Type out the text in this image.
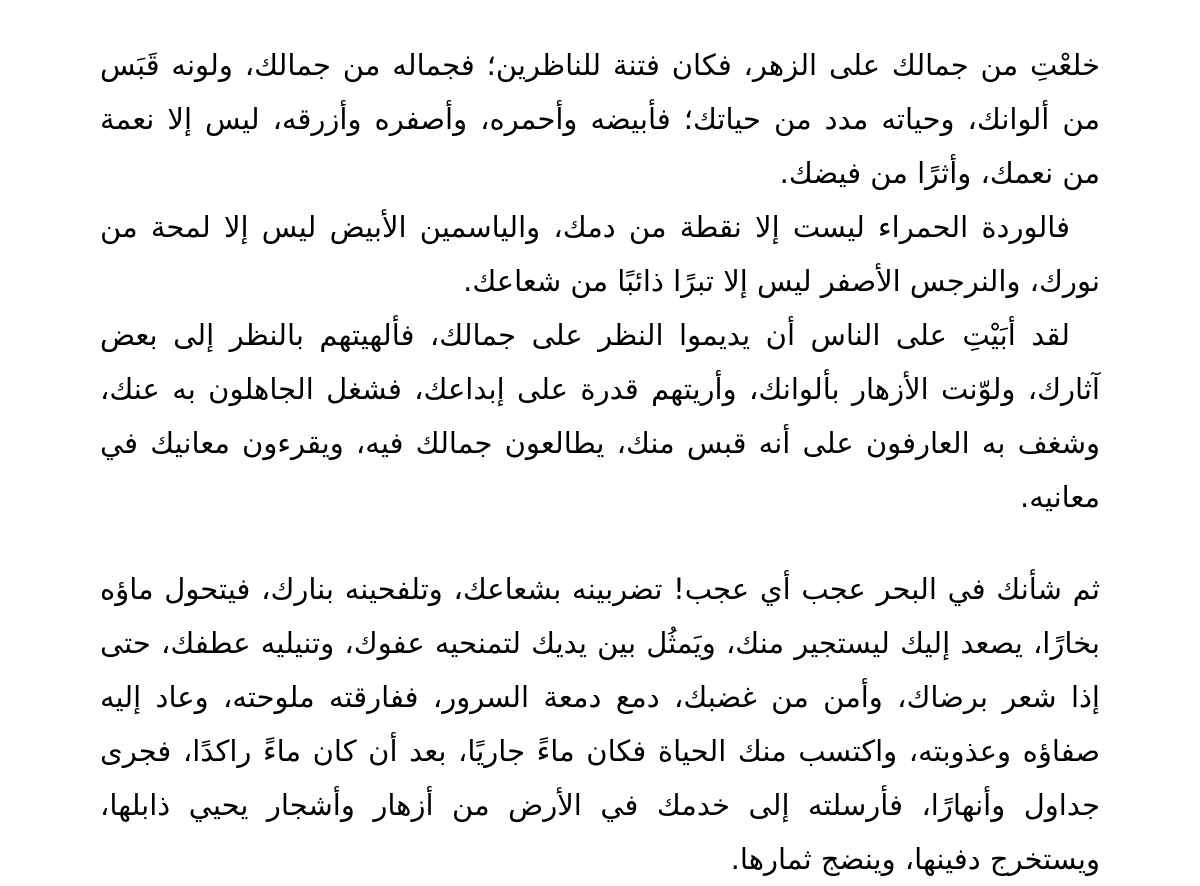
خلعْتِ من جمالك على الزهر، فكان فتنة للناظرين؛ فجماله من جمالك، ولونه قَبَس من ألوانك، وحياته مدد من حياتك؛ فأبيضه وأحمره، وأصفره وأزرقه، ليس إلا نعمة من نعمك، وأثرًا من فيضك.

فالوردة الحمراء ليست إلا نقطة من دمك، والياسمين الأبيض ليس إلا لمحة من نورك، والنرجس الأصفر ليس إلا تبرًا ذائبًا من شعاعك.

لقد أبَيْتِ على الناس أن يديموا النظر على جمالك، فألهيتهم بالنظر إلى بعض آثارك، ولوّنت الأزهار بألوانك، وأريتهم قدرة على إبداعك، فشغل الجاهلون به عنك، وشغف به العارفون على أنه قبس منك، يطالعون جمالك فيه، ويقرءون معانيك في معانيه.

ثم شأنك في البحر عجب أي عجب! تضربينه بشعاعك، وتلفحينه بنارك، فيتحول ماؤه بخارًا، يصعد إليك ليستجير منك، ويَمثُل بين يديك لتمنحيه عفوك، وتنيليه عطفك، حتى إذا شعر برضاك، وأمن من غضبك، دمع دمعة السرور، ففارقته ملوحته، وعاد إليه صفاؤه وعذوبته، واكتسب منك الحياة فكان ماءً جاريًا، بعد أن كان ماءً راكدًا، فجرى جداول وأنهارًا، فأرسلته إلى خدمك في الأرض من أزهار وأشجار يحيي ذابلها، ويستخرج دفينها، وينضج ثمارها.
